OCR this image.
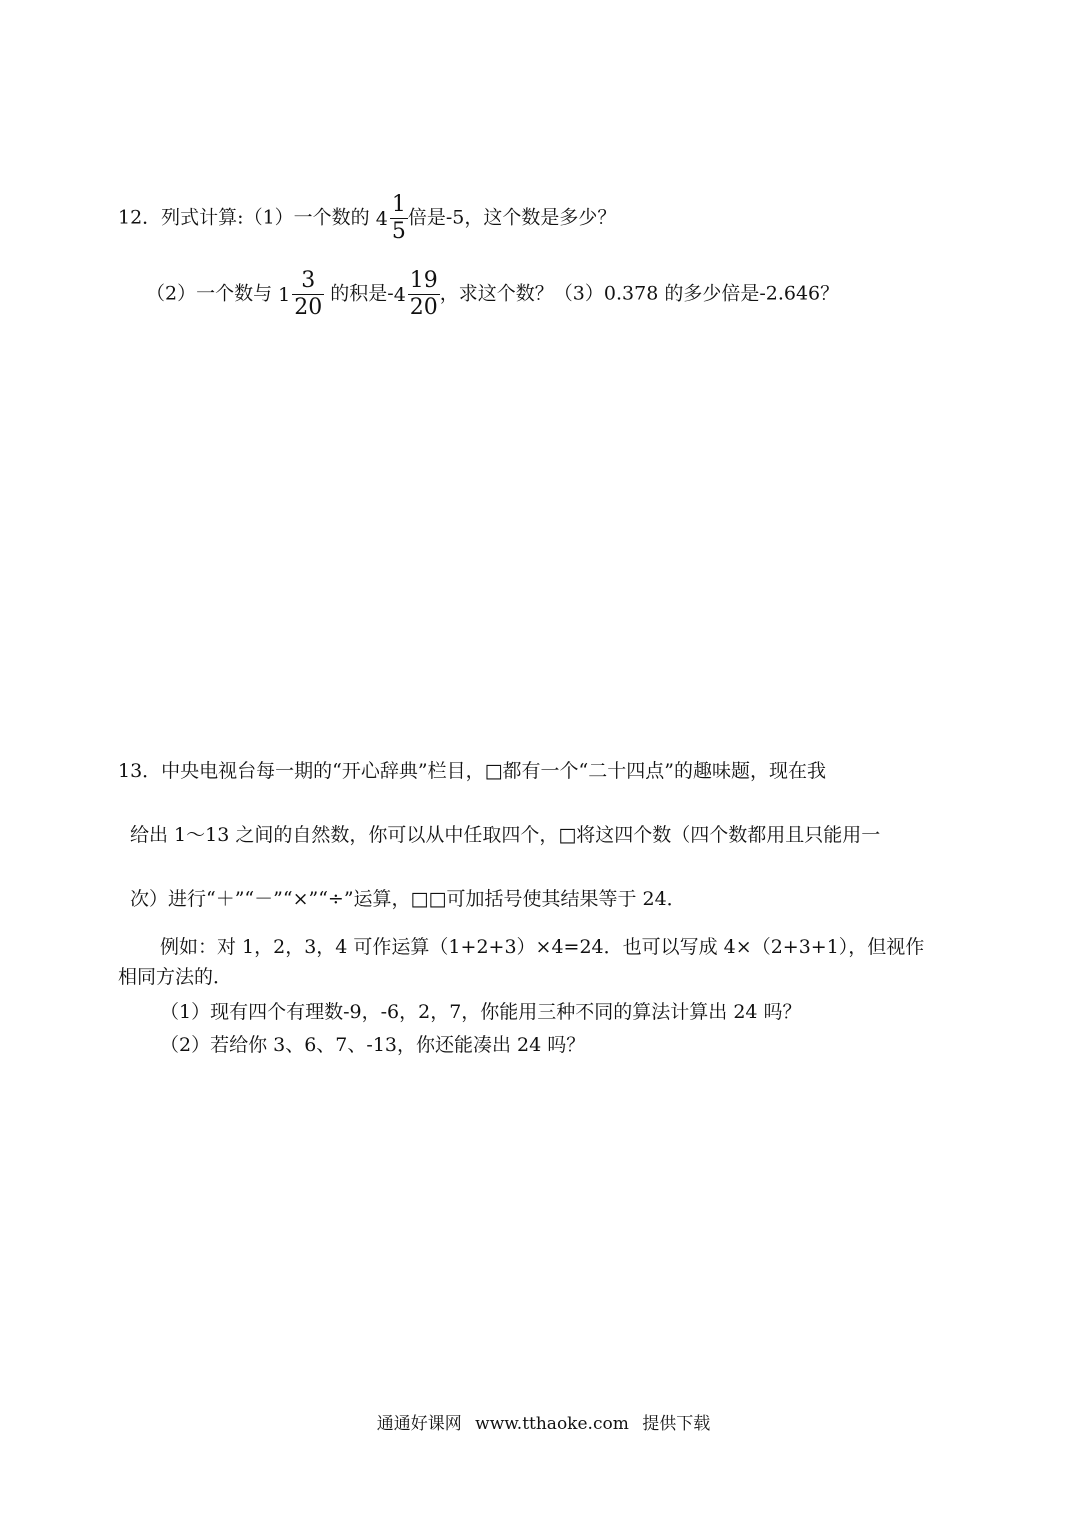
12．列式计算:（1）一个数的 $4 \frac{1}{5}$ 倍是-5，这个数是多少？
（2）一个数与 $1 \frac{3}{20}$ 的积是$-4 \frac{19}{20}$ ，求这个数？（3）0.378 的多少倍是-2.646？
13．中央电视台每一期的“开心辞典”栏目，□都有一个“二十四点”的趣味题，现在我
给出 1～13 之间的自然数，你可以从中任取四个，□将这四个数（四个数都用且只能用一
次）进行“＋”“－”“×”“÷”运算，□□可加括号使其结果等于 24．
例如：对 1，2，3，4 可作运算（1+2+3）×4=24．也可以写成 4×（2+3+1），但视作
相同方法的．
（1）现有四个有理数-9，-6，2，7，你能用三种不同的算法计算出 24 吗？
（2）若给你 3、6、7、-13，你还能凑出 24 吗？
通通好课网 www.tthaoke.com 提供下载
